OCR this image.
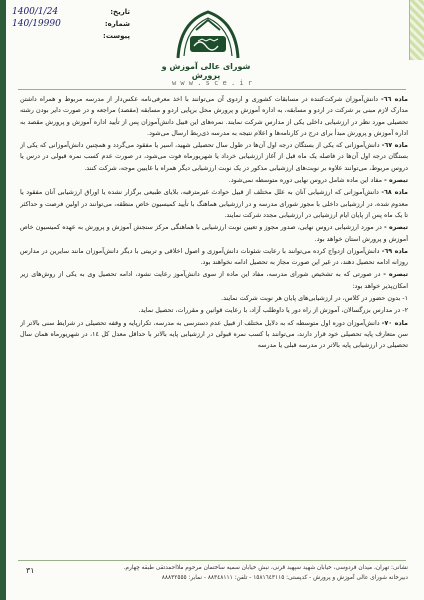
تاریخ:
1400/1/24
شماره:
140/19990
پیوست:
شورای عالی آموزش و پرورش
w w w . s c e . i r

ماده ٦٦- دانش‌آموزان شرکت‌کننده در مسابقات کشوری و اردوی آن می‌توانند با اخذ معرفی‌نامه عکس‌دار از مدرسه مربوط و همراه داشتن مدارک لازم مبنی بر شرکت در اردو و مسابقه، به اداره آموزش و پرورش محل برپایی اردو و مسابقه (مقصد) مراجعه و در صورت دایر بودن رشته تحصیلی مورد نظر در ارزشیابی داخلی یکی از مدارس شرکت نمایند. نمره‌های این قبیل دانش‌آموزان پس از تأیید اداره آموزش و پرورش مقصد به اداره آموزش و پرورش مبدأ برای درج در کارنامه‌ها و اعلام نتیجه به مدرسه ذی‌ربط ارسال می‌شود.

ماده ٦٧- دانش‌آموزانی که یکی از بستگان درجه اول آن‌ها در طول سال تحصیلی شهید، اسیر یا مفقود می‌گردد و همچنین دانش‌آموزانی که یکی از بستگان درجه اول آن‌ها در فاصله یک ماه قبل از آغاز ارزشیابی خرداد یا شهریورماه فوت می‌شود، در صورت عدم کسب نمره قبولی در درس یا دروس مربوط، می‌توانند علاوه بر نوبت‌های ارزشیابی مذکور در یک نوبت ارزشیابی دیگر همراه با غایبین موجه، شرکت کنند.

تبصره - مفاد این ماده شامل دروس نهایی دوره متوسطه نمی‌شود.

ماده ٦٨- دانش‌آموزانی که ارزشیابی آنان به علل مختلف از قبیل حوادث غیرمترقبه، بلایای طبیعی برگزار نشده یا اوراق ارزشیابی آنان مفقود یا معدوم شده، در ارزشیابی داخلی با مجوز شورای مدرسه و در ارزشیابی هماهنگ با تأیید کمیسیون خاص منطقه، می‌توانند در اولین فرصت و حداکثر تا یک ماه پس از پایان ایام ارزشیابی در ارزشیابی مجدد شرکت نمایند.

تبصره - در مورد ارزشیابی دروس نهایی، صدور مجوز و تعیین نوبت ارزشیابی با هماهنگی مرکز سنجش آموزش و پرورش به عهده کمیسیون خاص آموزش و پرورش استان خواهد بود.

ماده ٦٩- دانش‌آموزان ازدواج کرده می‌توانند با رعایت شئونات دانش‌آموزی و اصول اخلاقی و تربیتی با دیگر دانش‌آموزان مانند سایرین در مدارس روزانه ادامه تحصیل دهند، در غیر این صورت مجاز به تحصیل ادامه نخواهند بود.

تبصره - در صورتی که به تشخیص شورای مدرسه، مفاد این ماده از سوی دانش‌آموز رعایت نشود، ادامه تحصیل وی به یکی از روش‌های زیر امکان‌پذیر خواهد بود:

١- بدون حضور در کلاس، در ارزشیابی‌های پایان هر نوبت شرکت نمایند.

٢- در مدارس بزرگسالان، آموزش از راه دور یا داوطلب آزاد، با رعایت قوانین و مقررات، تحصیل نماید.

ماده ٧٠- دانش‌آموزان دوره اول متوسطه که به دلایل مختلف از قبیل عدم دسترسی به مدرسه، تکرارپایه و وقفه تحصیلی در شرایط سنی بالاتر از سن متعارف پایه تحصیلی خود قرار دارند، می‌توانند با کسب نمره قبولی در ارزشیابی پایه بالاتر با حداقل معدل کل ١٤، در شهریورماه همان سال تحصیلی در ارزشیابی پایه بالاتر در مدرسه قبلی یا مدرسه

نشانی: تهران، میدان فردوسی، خیابان شهید سپهبد قرنی، نبش خیابان سمیه ساختمان مرحوم ملااحمدتقی طبقه چهارم.
دبیرخانه شورای عالی آموزش و پرورش - کدپستی: ١٥٨١٦٤٣١١٥ - تلفن: ٨٨٣٤٨١١١ - نمابر: ٨٨٨٣٢٥٥٥
٣١
